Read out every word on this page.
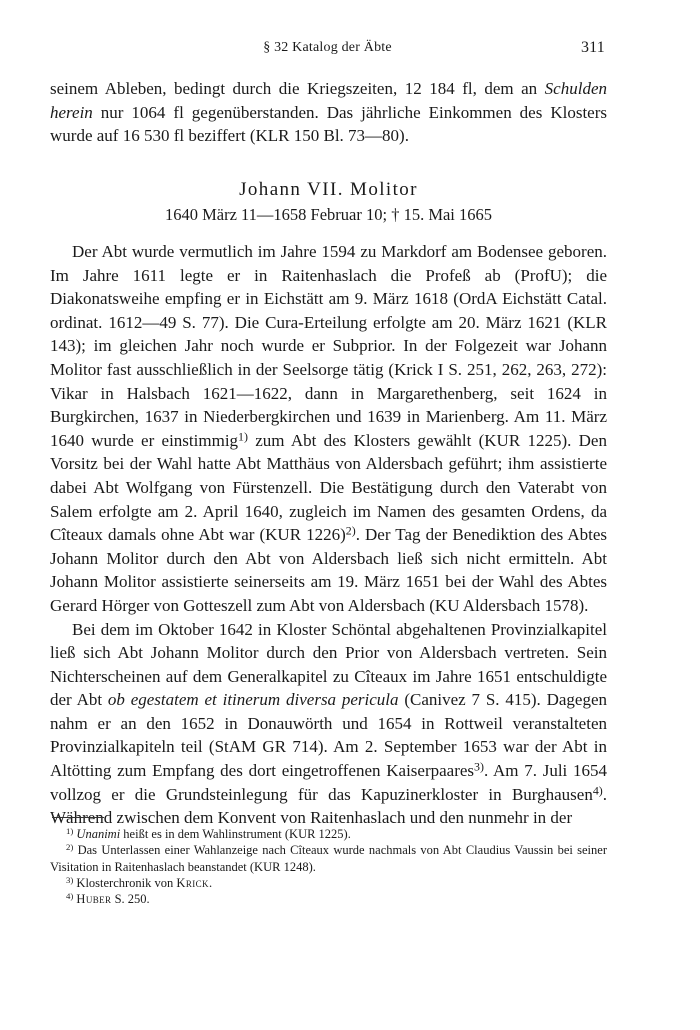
§ 32 Katalog der Äbte	311

seinem Ableben, bedingt durch die Kriegszeiten, 12 184 fl, dem an Schulden herein nur 1064 fl gegenüberstanden. Das jährliche Einkommen des Klosters wurde auf 16 530 fl beziffert (KLR 150 Bl. 73—80).

Johann VII. Molitor
1640 März 11—1658 Februar 10; † 15. Mai 1665

Der Abt wurde vermutlich im Jahre 1594 zu Markdorf am Bodensee geboren. Im Jahre 1611 legte er in Raitenhaslach die Profeß ab (ProfU); die Diakonatsweihe empfing er in Eichstätt am 9. März 1618 (OrdA Eichstätt Catal. ordinat. 1612—49 S. 77). Die Cura-Erteilung erfolgte am 20. März 1621 (KLR 143); im gleichen Jahr noch wurde er Subprior. In der Folgezeit war Johann Molitor fast ausschließlich in der Seelsorge tätig (Krick I S. 251, 262, 263, 272): Vikar in Halsbach 1621—1622, dann in Margarethenberg, seit 1624 in Burgkirchen, 1637 in Niederbergkirchen und 1639 in Marienberg. Am 11. März 1640 wurde er einstimmig$^{1)}$ zum Abt des Klosters gewählt (KUR 1225). Den Vorsitz bei der Wahl hatte Abt Matthäus von Aldersbach geführt; ihm assistierte dabei Abt Wolfgang von Fürstenzell. Die Bestätigung durch den Vaterabt von Salem erfolgte am 2. April 1640, zugleich im Namen des gesamten Ordens, da Cîteaux damals ohne Abt war (KUR 1226)$^{2)}$. Der Tag der Benediktion des Abtes Johann Molitor durch den Abt von Aldersbach ließ sich nicht ermitteln. Abt Johann Molitor assistierte seinerseits am 19. März 1651 bei der Wahl des Abtes Gerard Hörger von Gotteszell zum Abt von Aldersbach (KU Aldersbach 1578).

Bei dem im Oktober 1642 in Kloster Schöntal abgehaltenen Provinzialkapitel ließ sich Abt Johann Molitor durch den Prior von Aldersbach vertreten. Sein Nichterscheinen auf dem Generalkapitel zu Cîteaux im Jahre 1651 entschuldigte der Abt ob egestatem et itinerum diversa pericula (Canivez 7 S. 415). Dagegen nahm er an den 1652 in Donauwörth und 1654 in Rottweil veranstalteten Provinzialkapiteln teil (StAM GR 714). Am 2. September 1653 war der Abt in Altötting zum Empfang des dort eingetroffenen Kaiserpaares$^{3)}$. Am 7. Juli 1654 vollzog er die Grundsteinlegung für das Kapuzinerkloster in Burghausen$^{4)}$. Während zwischen dem Konvent von Raitenhaslach und den nunmehr in der

$^{1)}$ Unanimi heißt es in dem Wahlinstrument (KUR 1225).

$^{2)}$ Das Unterlassen einer Wahlanzeige nach Cîteaux wurde nachmals von Abt Claudius Vaussin bei seiner Visitation in Raitenhaslach beanstandet (KUR 1248).

$^{3)}$ Klosterchronik von Krick.

$^{4)}$ Huber S. 250.
